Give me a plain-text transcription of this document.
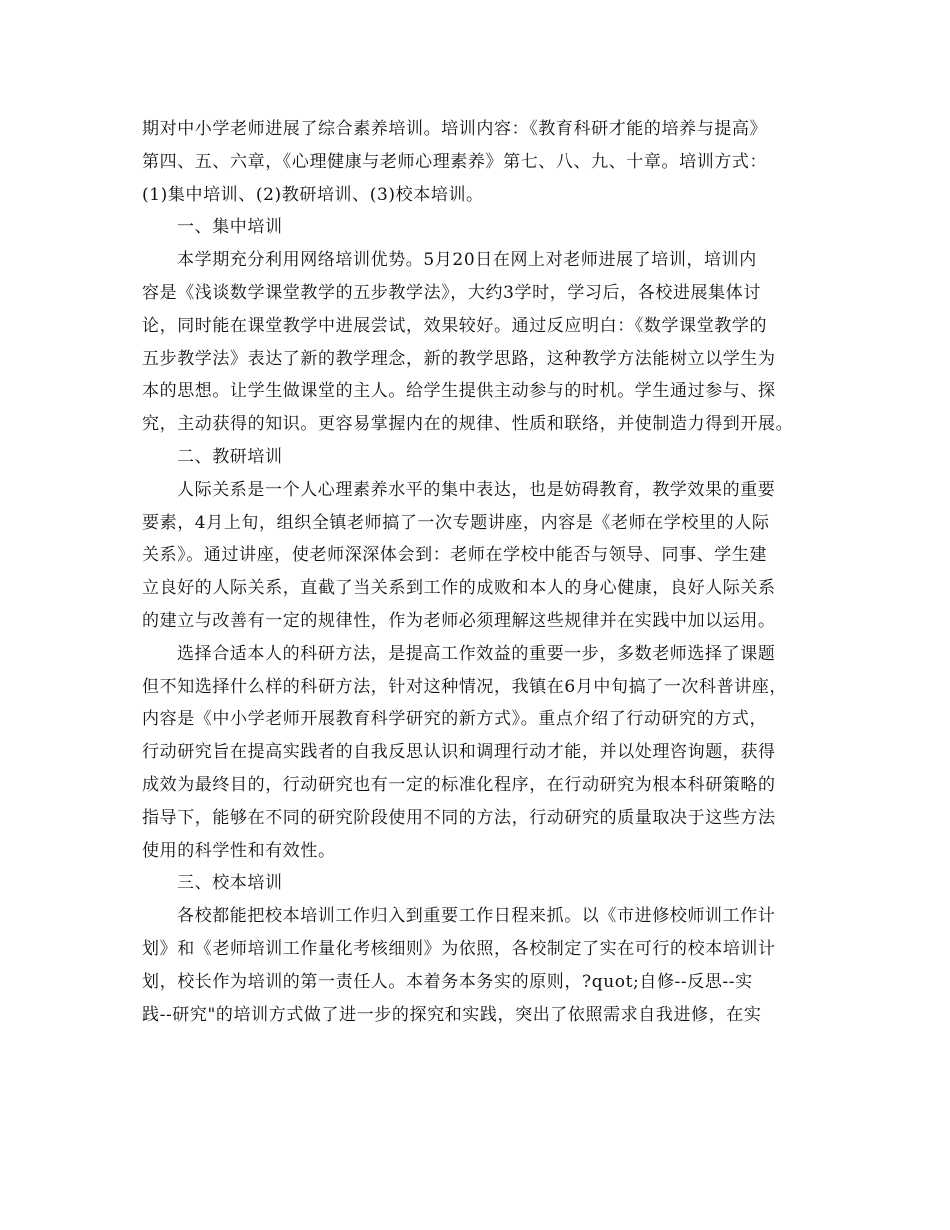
期对中小学老师进展了综合素养培训。培训内容：《教育科研才能的培养与提高》
第四、五、六章，《心理健康与老师心理素养》第七、八、九、十章。培训方式：
(1)集中培训、(2)教研培训、(3)校本培训。
一、集中培训
本学期充分利用网络培训优势。5月20日在网上对老师进展了培训，培训内
容是《浅谈数学课堂教学的五步教学法》，大约3学时，学习后，各校进展集体讨
论，同时能在课堂教学中进展尝试，效果较好。通过反应明白：《数学课堂教学的
五步教学法》表达了新的教学理念，新的教学思路，这种教学方法能树立以学生为
本的思想。让学生做课堂的主人。给学生提供主动参与的时机。学生通过参与、探
究，主动获得的知识。更容易掌握内在的规律、性质和联络，并使制造力得到开展。
二、教研培训
人际关系是一个人心理素养水平的集中表达，也是妨碍教育，教学效果的重要
要素，4月上旬，组织全镇老师搞了一次专题讲座，内容是《老师在学校里的人际
关系》。通过讲座，使老师深深体会到：老师在学校中能否与领导、同事、学生建
立良好的人际关系，直截了当关系到工作的成败和本人的身心健康，良好人际关系
的建立与改善有一定的规律性，作为老师必须理解这些规律并在实践中加以运用。
选择合适本人的科研方法，是提高工作效益的重要一步，多数老师选择了课题
但不知选择什么样的科研方法，针对这种情况，我镇在6月中旬搞了一次科普讲座，
内容是《中小学老师开展教育科学研究的新方式》。重点介绍了行动研究的方式，
行动研究旨在提高实践者的自我反思认识和调理行动才能，并以处理咨询题，获得
成效为最终目的，行动研究也有一定的标准化程序，在行动研究为根本科研策略的
指导下，能够在不同的研究阶段使用不同的方法，行动研究的质量取决于这些方法
使用的科学性和有效性。
三、校本培训
各校都能把校本培训工作归入到重要工作日程来抓。以《市进修校师训工作计
划》和《老师培训工作量化考核细则》为依照，各校制定了实在可行的校本培训计
划，校长作为培训的第一责任人。本着务本务实的原则，?quot;自修--反思--实
践--研究"的培训方式做了进一步的探究和实践，突出了依照需求自我进修，在实
